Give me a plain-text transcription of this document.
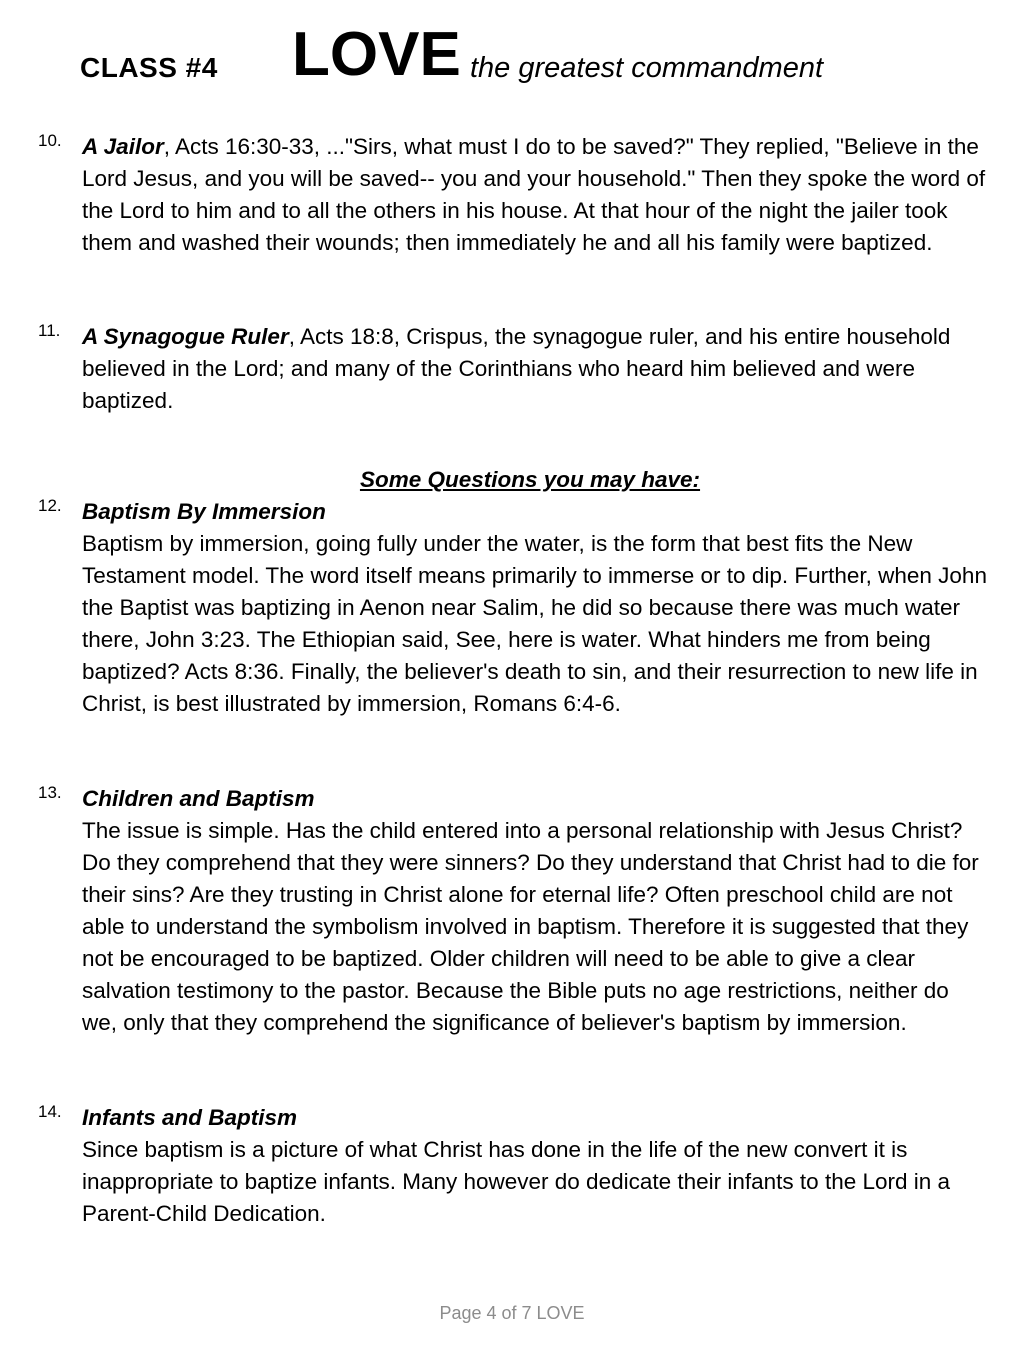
CLASS #4 LOVE the greatest commandment
10. A Jailor, Acts 16:30-33, ..."Sirs, what must I do to be saved?" They replied, "Believe in the Lord Jesus, and you will be saved-- you and your household." Then they spoke the word of the Lord to him and to all the others in his house. At that hour of the night the jailer took them and washed their wounds; then immediately he and all his family were baptized.
11. A Synagogue Ruler, Acts 18:8, Crispus, the synagogue ruler, and his entire household believed in the Lord; and many of the Corinthians who heard him believed and were baptized.
Some Questions you may have:
12. Baptism By Immersion
Baptism by immersion, going fully under the water, is the form that best fits the New Testament model. The word itself means primarily to immerse or to dip. Further, when John the Baptist was baptizing in Aenon near Salim, he did so because there was much water there, John 3:23. The Ethiopian said, See, here is water. What hinders me from being baptized? Acts 8:36. Finally, the believer's death to sin, and their resurrection to new life in Christ, is best illustrated by immersion, Romans 6:4-6.
13. Children and Baptism
The issue is simple. Has the child entered into a personal relationship with Jesus Christ? Do they comprehend that they were sinners? Do they understand that Christ had to die for their sins? Are they trusting in Christ alone for eternal life? Often preschool child are not able to understand the symbolism involved in baptism. Therefore it is suggested that they not be encouraged to be baptized. Older children will need to be able to give a clear salvation testimony to the pastor. Because the Bible puts no age restrictions, neither do we, only that they comprehend the significance of believer's baptism by immersion.
14. Infants and Baptism
Since baptism is a picture of what Christ has done in the life of the new convert it is inappropriate to baptize infants. Many however do dedicate their infants to the Lord in a Parent-Child Dedication.
Page 4 of 7 LOVE
